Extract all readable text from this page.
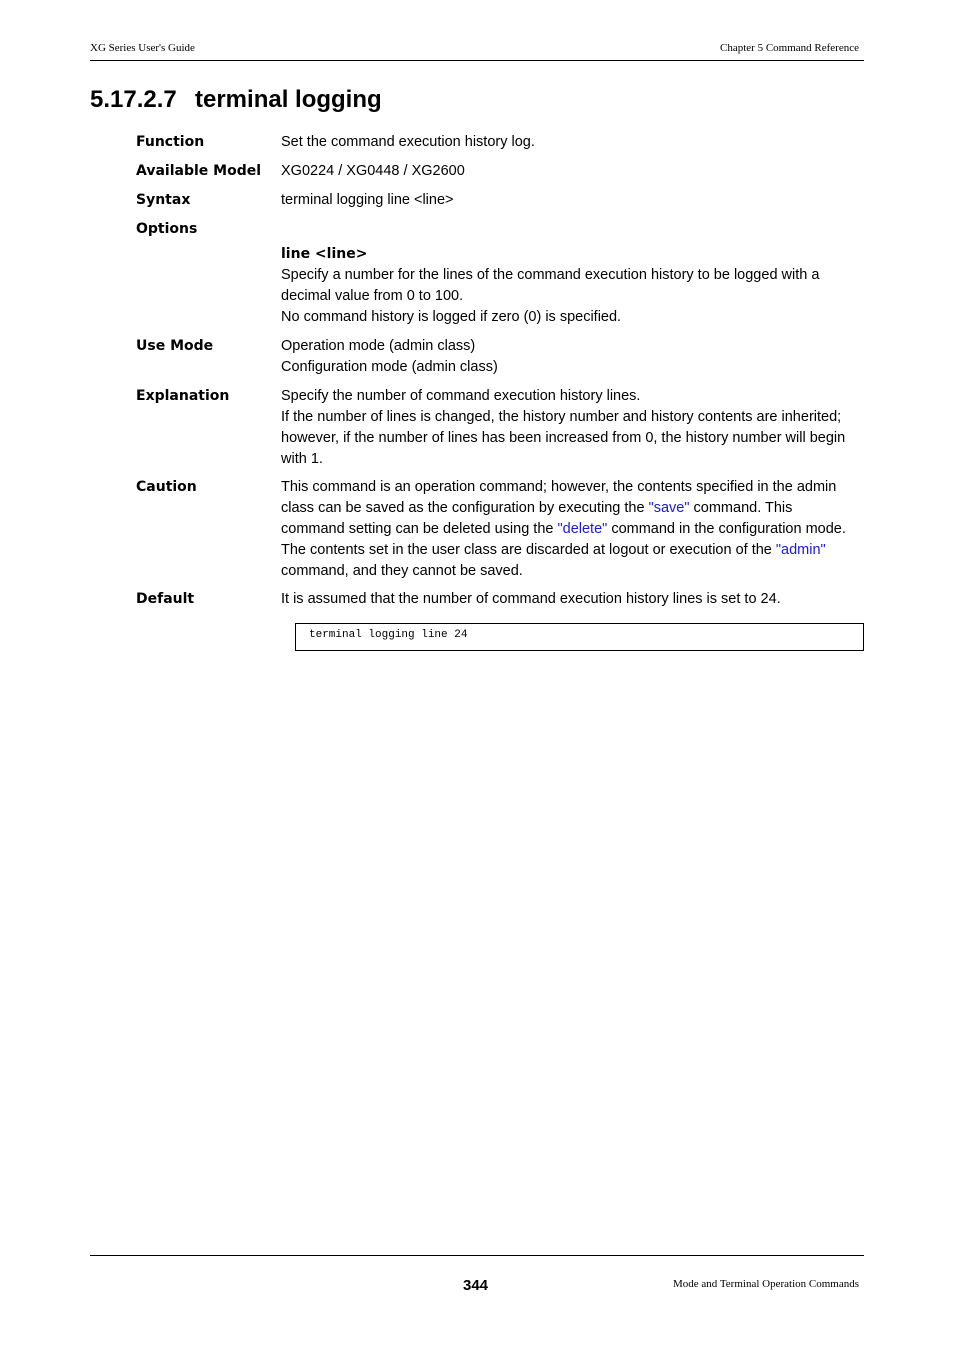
XG Series User's Guide	Chapter 5 Command Reference
5.17.2.7 terminal logging
Function	Set the command execution history log.
Available Model	XG0224 / XG0448 / XG2600
Syntax	terminal logging line <line>
Options
line <line>
Specify a number for the lines of the command execution history to be logged with a
decimal value from 0 to 100.
No command history is logged if zero (0) is specified.
Use Mode	Operation mode (admin class)
Configuration mode (admin class)
Explanation	Specify the number of command execution history lines.
If the number of lines is changed, the history number and history contents are inherited;
however, if the number of lines has been increased from 0, the history number will begin
with 1.
Caution	This command is an operation command; however, the contents specified in the admin
class can be saved as the configuration by executing the "save" command. This
command setting can be deleted using the "delete" command in the configuration mode.
The contents set in the user class are discarded at logout or execution of the "admin"
command, and they cannot be saved.
Default	It is assumed that the number of command execution history lines is set to 24.
terminal logging line 24
344	Mode and Terminal Operation Commands
